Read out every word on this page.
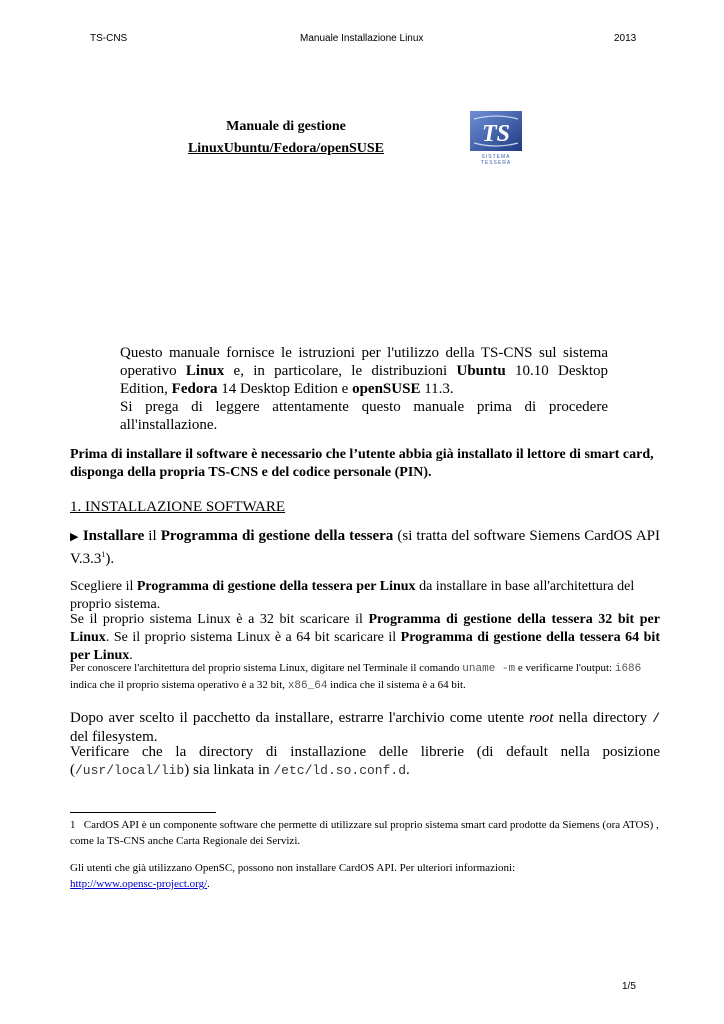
TS-CNS	Manuale Installazione Linux	2013
Manuale di gestione
LinuxUbuntu/Fedora/openSUSE
TS
SISTEMA
TESSERA
Questo manuale fornisce le istruzioni per l'utilizzo della TS-CNS sul sistema operativo Linux e, in particolare, le distribuzioni Ubuntu 10.10 Desktop Edition, Fedora 14 Desktop Edition e openSUSE 11.3.
Si prega di leggere attentamente questo manuale prima di procedere all'installazione.
Prima di installare il software è necessario che l’utente abbia già installato il lettore di smart card, disponga della propria TS-CNS e del codice personale (PIN).
1. INSTALLAZIONE SOFTWARE
▶ Installare il Programma di gestione della tessera (si tratta del software Siemens CardOS API V.3.3$^1$).
Scegliere il Programma di gestione della tessera per Linux da installare in base all'architettura del proprio sistema.
Se il proprio sistema Linux è a 32 bit scaricare il Programma di gestione della tessera 32 bit per Linux. Se il proprio sistema Linux è a 64 bit scaricare il Programma di gestione della tessera 64 bit per Linux.
Per conoscere l'architettura del proprio sistema Linux, digitare nel Terminale il comando uname -m e verificarne l'output: i686 indica che il proprio sistema operativo è a 32 bit, x86_64 indica che il sistema è a 64 bit.
Dopo aver scelto il pacchetto da installare, estrarre l'archivio come utente root nella directory / del filesystem.
Verificare che la directory di installazione delle librerie (di default nella posizione (/usr/local/lib) sia linkata in /etc/ld.so.conf.d.
1 CardOS API è un componente software che permette di utilizzare sul proprio sistema smart card prodotte da Siemens (ora ATOS) , come la TS-CNS anche Carta Regionale dei Servizi.
Gli utenti che già utilizzano OpenSC, possono non installare CardOS API. Per ulteriori informazioni:
http://www.opensc-project.org/.
1/5
